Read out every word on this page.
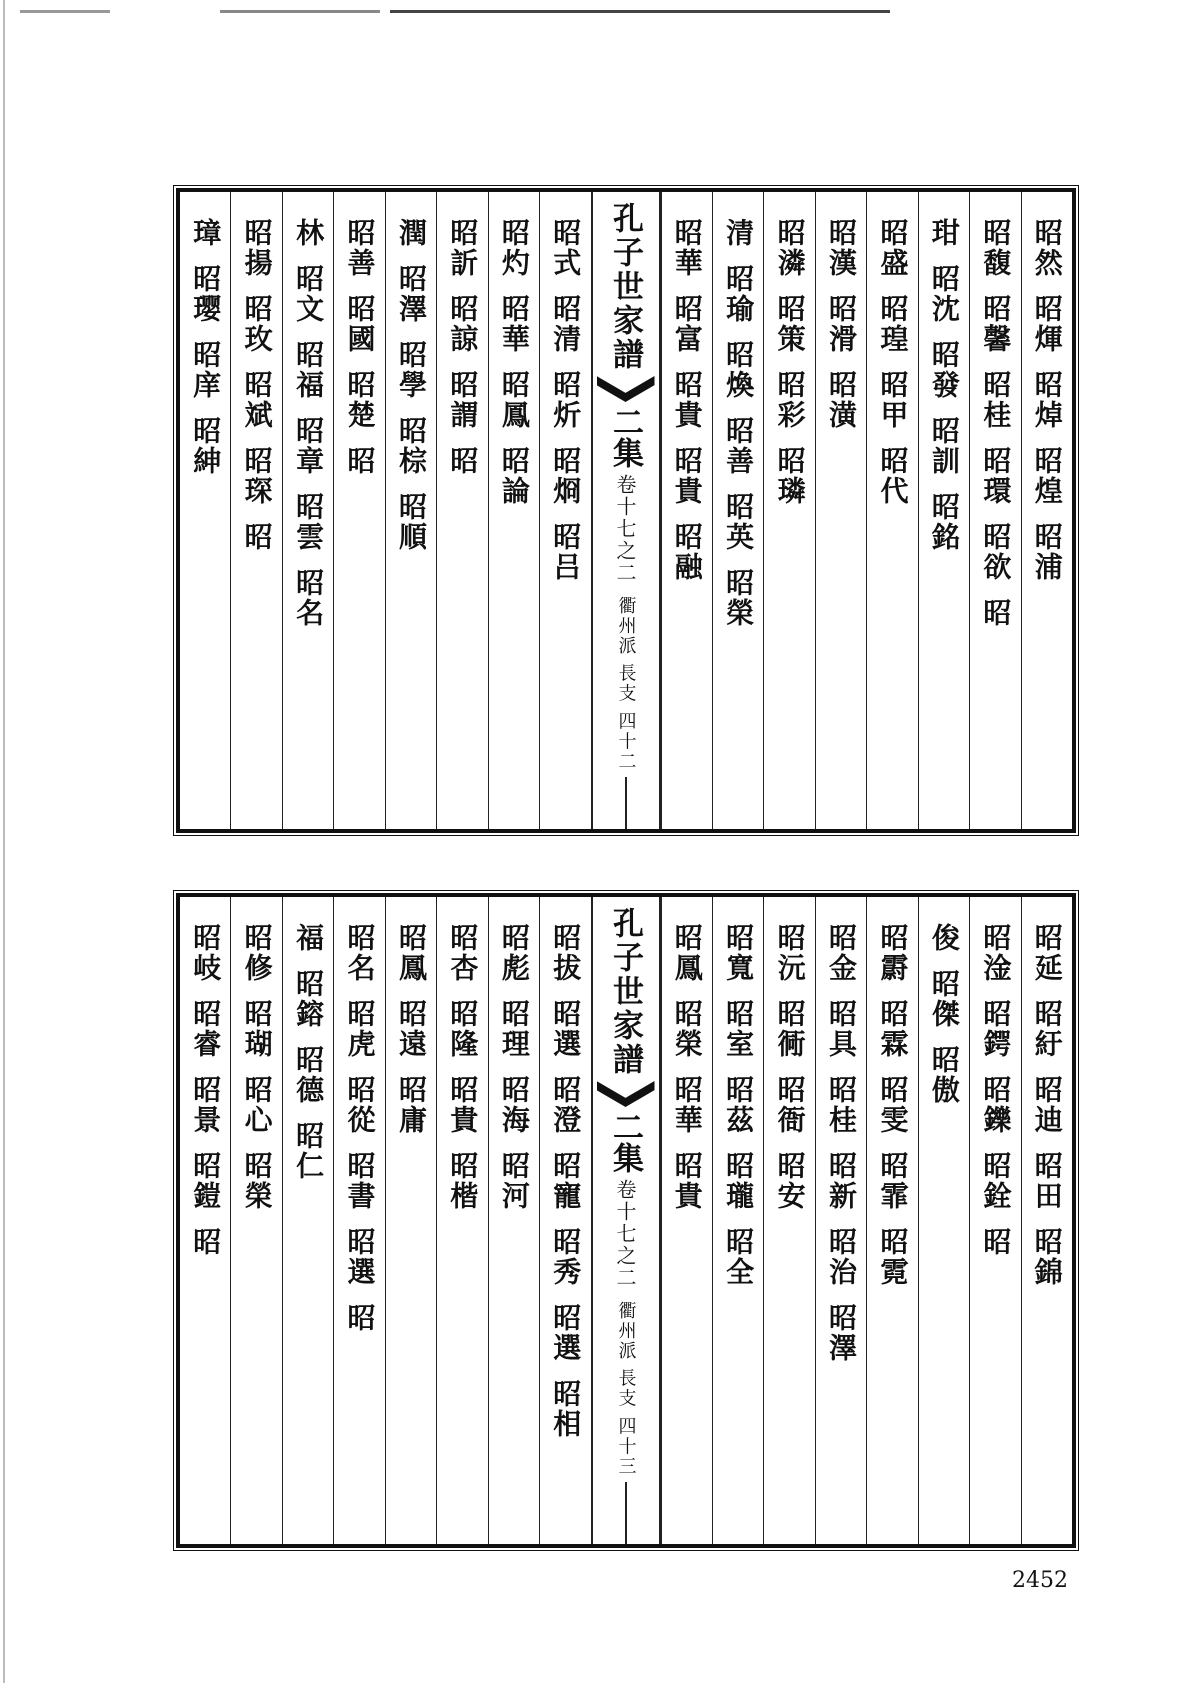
昭然昭煇昭焯昭煌昭浦
昭馥昭馨昭桂昭環昭欲昭
玵昭沈昭發昭訓昭銘
昭盛昭瑝昭甲昭代
昭漢昭滑昭潢
昭潾昭策昭彩昭璘
清昭瑜昭煥昭善昭英昭榮
昭華昭富昭貴昭貴昭融
孔子世家譜
二集
卷十七之二
衢州派 長支 四十二
昭式昭清昭炘昭烱昭吕
昭灼昭華昭鳳昭論
昭訢昭諒昭謂昭
潤昭澤昭學昭棕昭順
昭善昭國昭楚昭
林昭文昭福昭章昭雲昭名
昭揚昭玫昭斌昭琛昭
璋昭璎昭庠昭紳
昭延昭紆昭迪昭田昭錦
昭淦昭鍔昭鑠昭銓昭
俊昭傑昭傲
昭霨昭霖昭雯昭霏昭霓
昭金昭具昭桂昭新昭治昭澤
昭沅昭衕昭衙昭安
昭寬昭室昭茲昭瓏昭全
昭鳳昭榮昭華昭貴
孔子世家譜
二集
卷十七之二
衢州派 長支 四十三
昭拔昭選昭澄昭寵昭秀昭選昭相
昭彪昭理昭海昭河
昭杏昭隆昭貴昭楷
昭鳳昭遠昭庸
昭名昭虎昭從昭書昭選昭
福昭鎔昭德昭仁
昭修昭瑚昭心昭榮
昭岐昭睿昭景昭鎧昭
2452
